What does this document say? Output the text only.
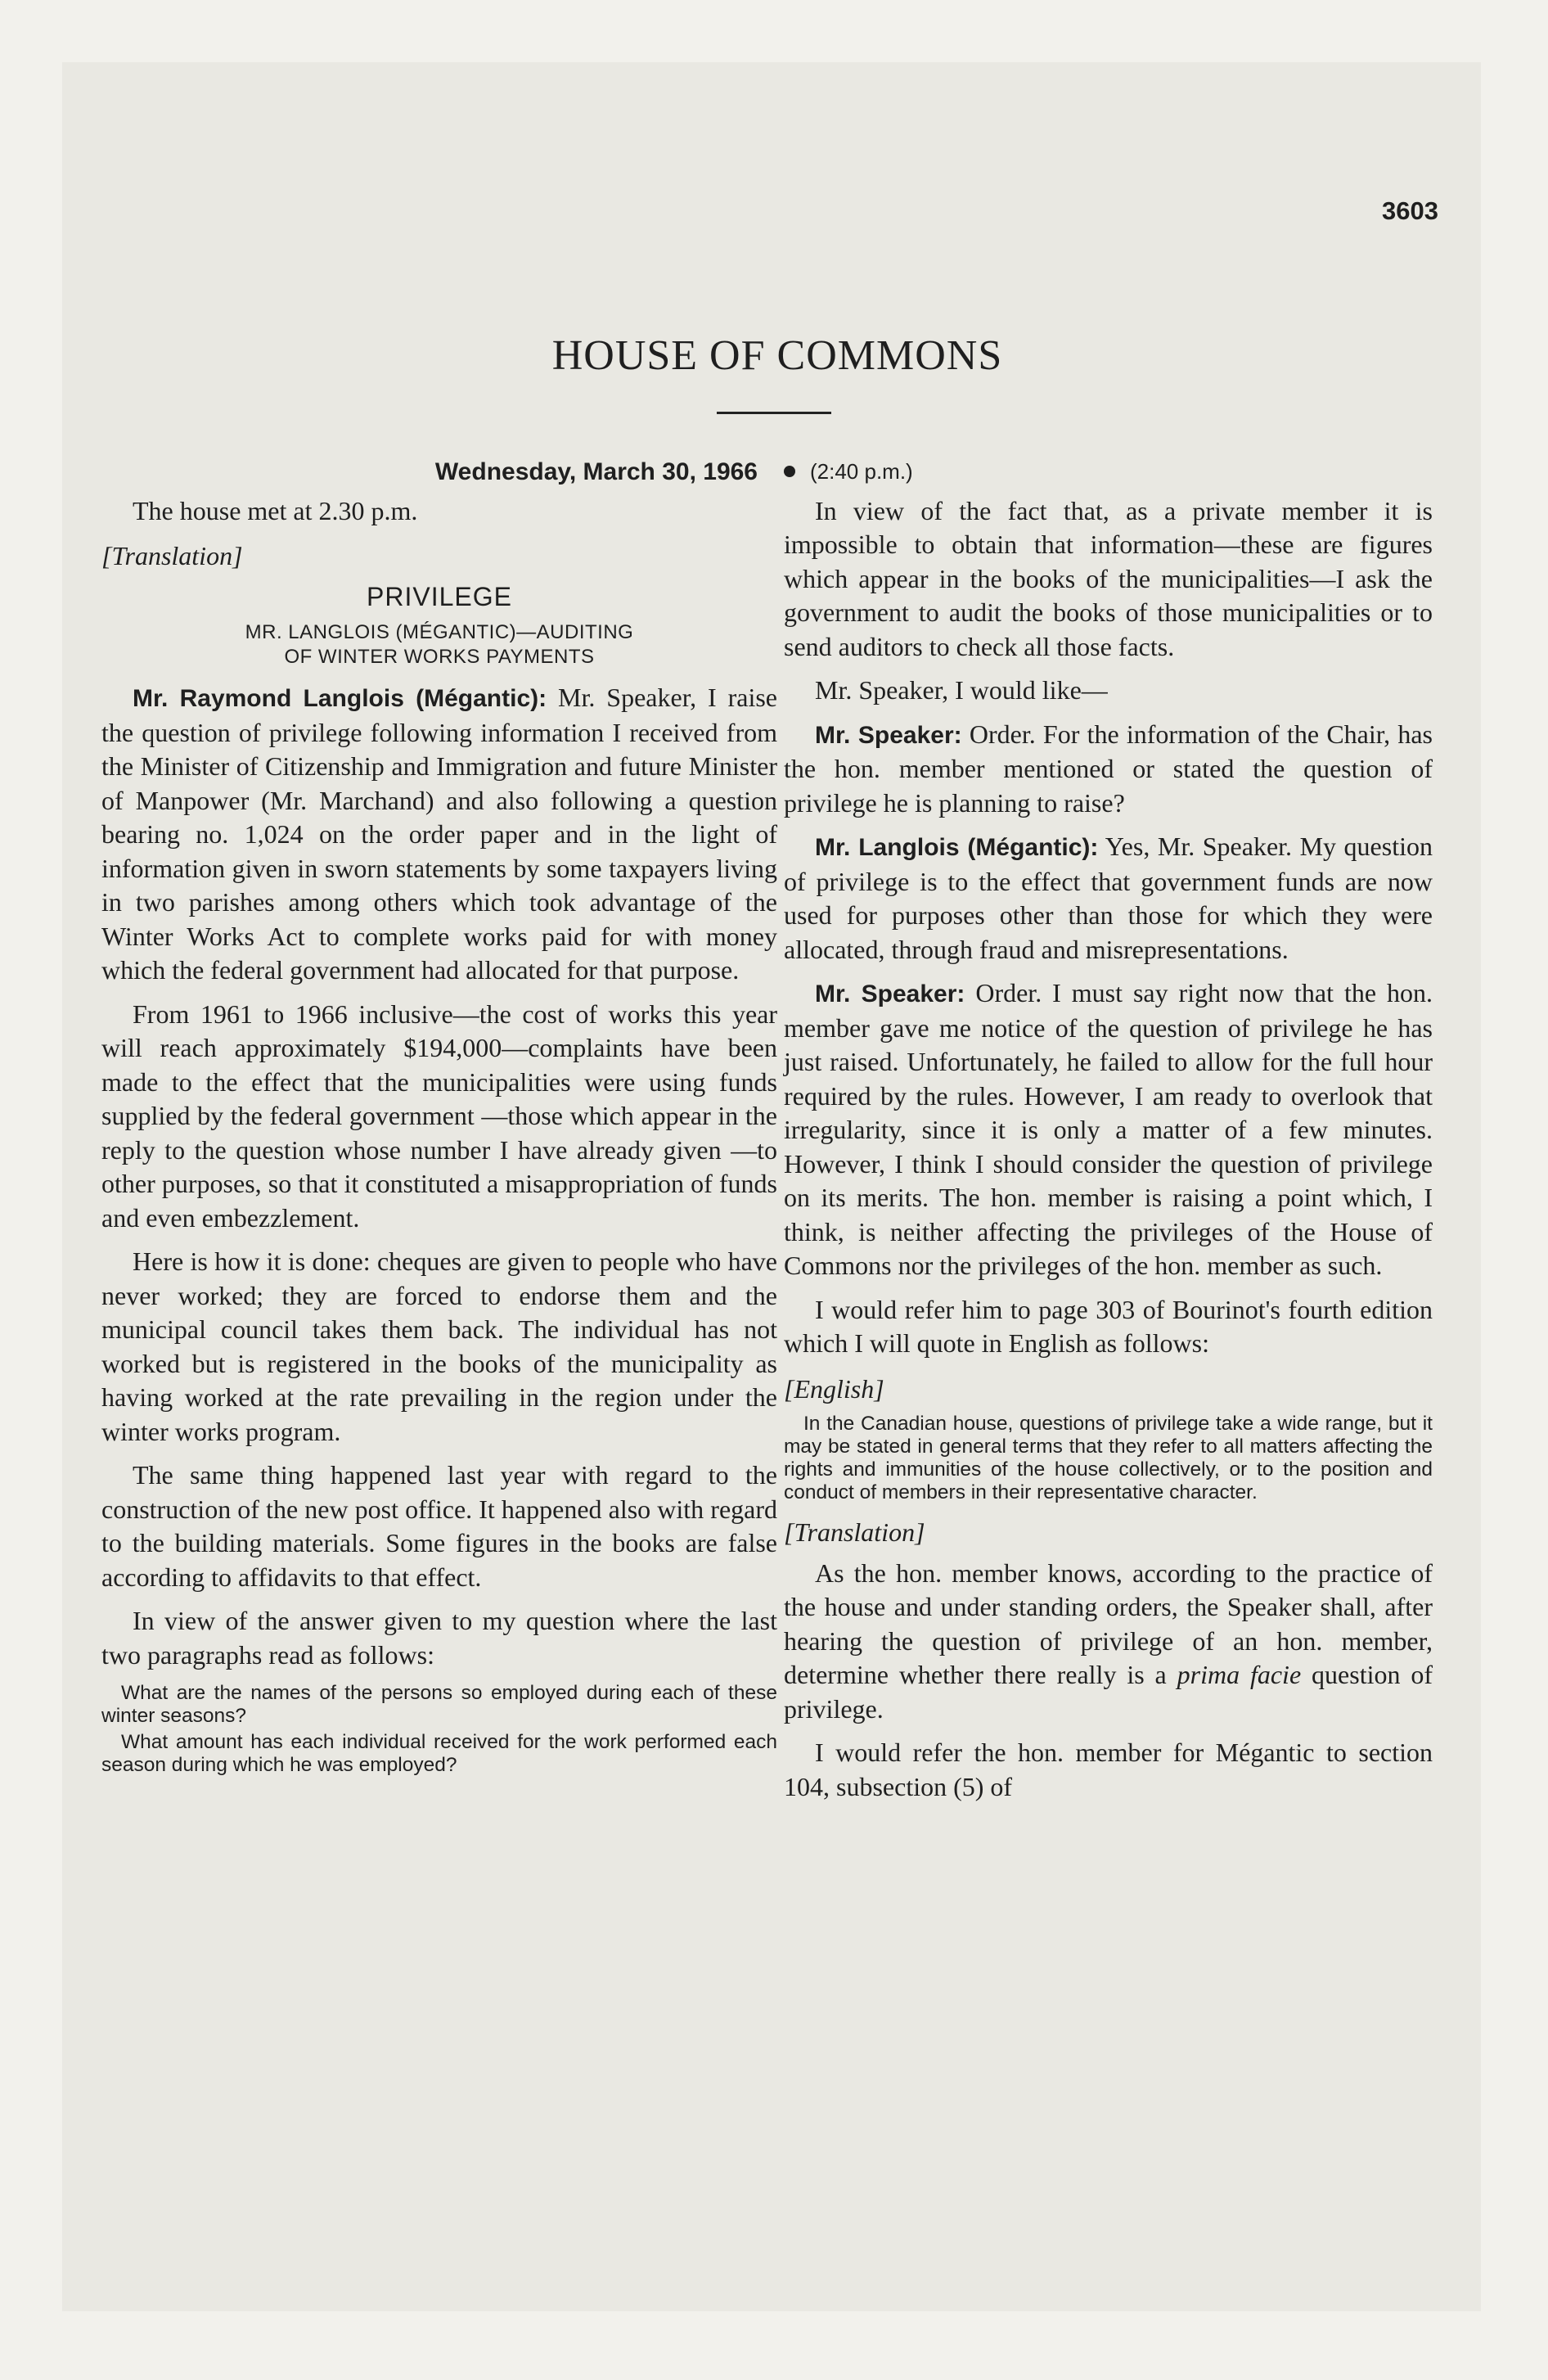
3603
HOUSE OF COMMONS

Wednesday, March 30, 1966

The house met at 2.30 p.m.

[Translation]

PRIVILEGE
MR. LANGLOIS (MÉGANTIC)—AUDITING
OF WINTER WORKS PAYMENTS

Mr. Raymond Langlois (Mégantic): Mr. Speaker, I raise the question of privilege following information I received from the Minister of Citizenship and Immigration and future Minister of Manpower (Mr. Marchand) and also following a question bearing no. 1,024 on the order paper and in the light of information given in sworn statements by some taxpayers living in two parishes among others which took advantage of the Winter Works Act to complete works paid for with money which the federal government had allocated for that purpose.

From 1961 to 1966 inclusive—the cost of works this year will reach approximately $194,000—complaints have been made to the effect that the municipalities were using funds supplied by the federal government —those which appear in the reply to the question whose number I have already given —to other purposes, so that it constituted a misappropriation of funds and even embezzlement.

Here is how it is done: cheques are given to people who have never worked; they are forced to endorse them and the municipal council takes them back. The individual has not worked but is registered in the books of the municipality as having worked at the rate prevailing in the region under the winter works program.

The same thing happened last year with regard to the construction of the new post office. It happened also with regard to the building materials. Some figures in the books are false according to affidavits to that effect.

In view of the answer given to my question where the last two paragraphs read as follows:

What are the names of the persons so employed during each of these winter seasons?

What amount has each individual received for the work performed each season during which he was employed?

(2:40 p.m.)

In view of the fact that, as a private member it is impossible to obtain that information—these are figures which appear in the books of the municipalities—I ask the government to audit the books of those municipalities or to send auditors to check all those facts.

Mr. Speaker, I would like—

Mr. Speaker: Order. For the information of the Chair, has the hon. member mentioned or stated the question of privilege he is planning to raise?

Mr. Langlois (Mégantic): Yes, Mr. Speaker. My question of privilege is to the effect that government funds are now used for purposes other than those for which they were allocated, through fraud and misrepresentations.

Mr. Speaker: Order. I must say right now that the hon. member gave me notice of the question of privilege he has just raised. Unfortunately, he failed to allow for the full hour required by the rules. However, I am ready to overlook that irregularity, since it is only a matter of a few minutes. However, I think I should consider the question of privilege on its merits. The hon. member is raising a point which, I think, is neither affecting the privileges of the House of Commons nor the privileges of the hon. member as such.

I would refer him to page 303 of Bourinot's fourth edition which I will quote in English as follows:

[English]

In the Canadian house, questions of privilege take a wide range, but it may be stated in general terms that they refer to all matters affecting the rights and immunities of the house collectively, or to the position and conduct of members in their representative character.

[Translation]

As the hon. member knows, according to the practice of the house and under standing orders, the Speaker shall, after hearing the question of privilege of an hon. member, determine whether there really is a prima facie question of privilege.

I would refer the hon. member for Mégantic to section 104, subsection (5) of
